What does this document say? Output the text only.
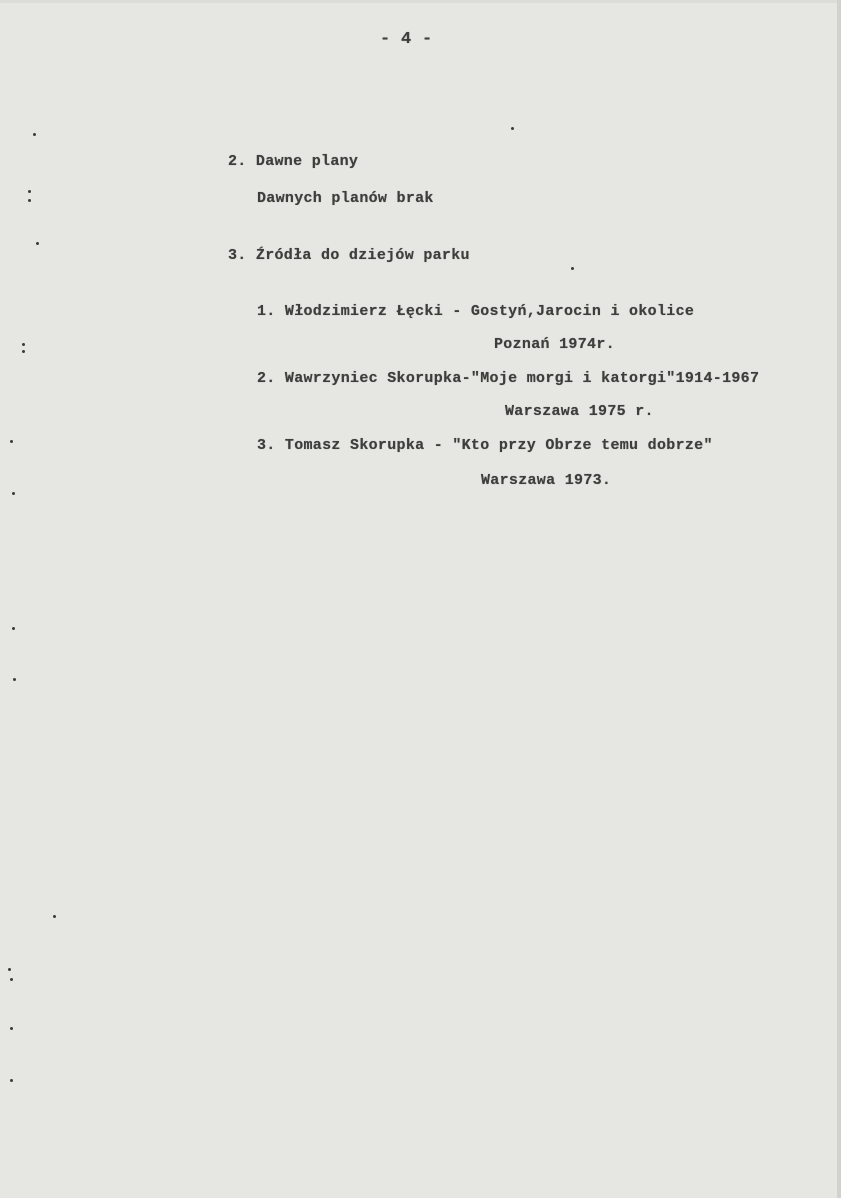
- 4 -
2. Dawne plany
Dawnych planów brak
3. Źródła do dziejów parku
1. Włodzimierz Łęcki - Gostyń,Jarocin i okolice
Poznań 1974r.
2. Wawrzyniec Skorupka-"Moje morgi i katorgi"1914-1967
Warszawa 1975 r.
3. Tomasz Skorupka - "Kto przy Obrze temu dobrze"
Warszawa 1973.
